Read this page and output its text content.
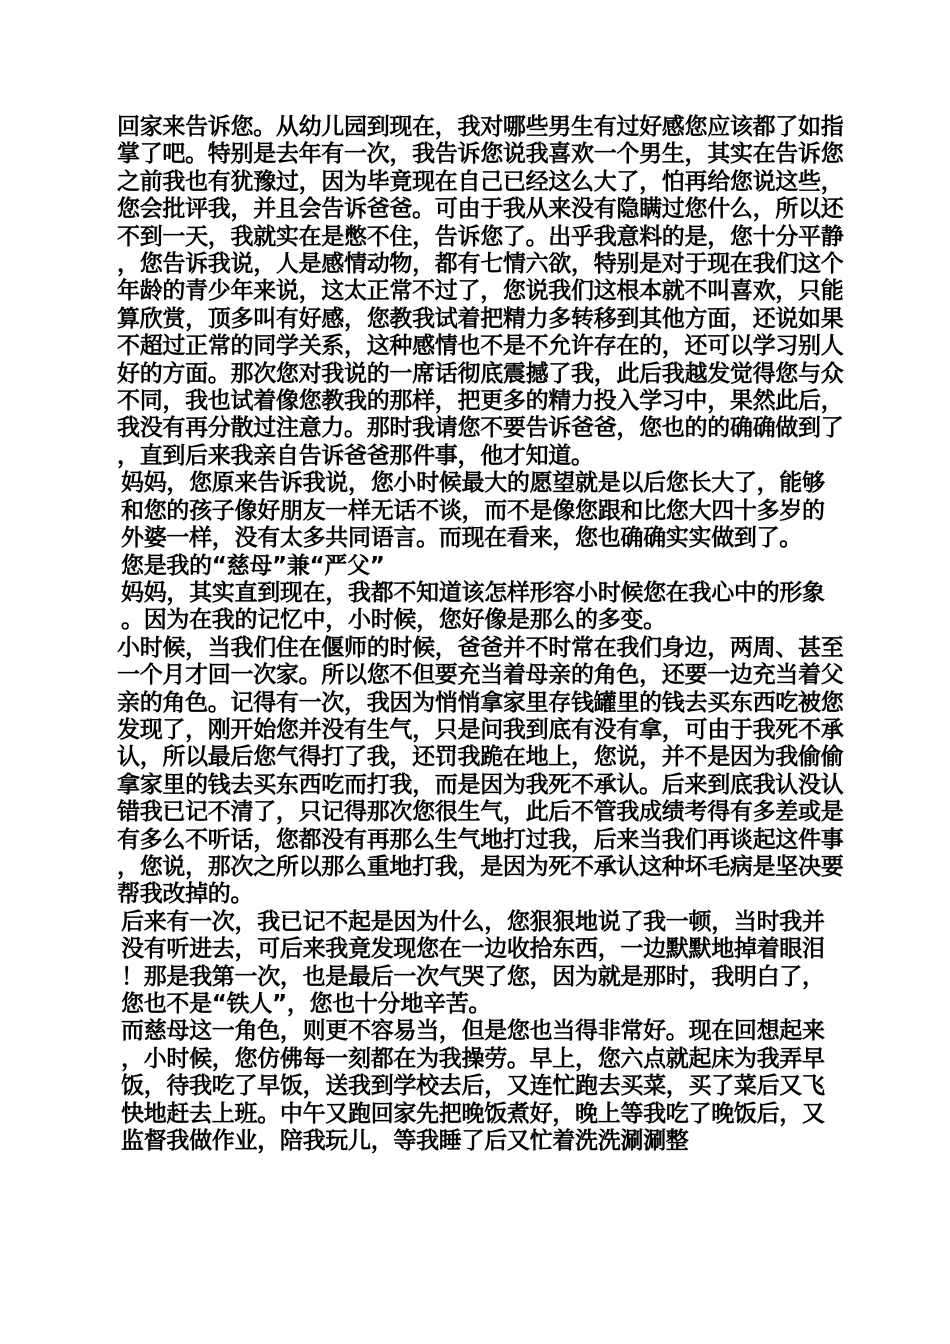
回家来告诉您。从幼儿园到现在，我对哪些男生有过好感您应该都了如指掌了吧。特别是去年有一次，我告诉您说我喜欢一个男生，其实在告诉您之前我也有犹豫过，因为毕竟现在自己已经这么大了，怕再给您说这些，您会批评我，并且会告诉爸爸。可由于我从来没有隐瞒过您什么，所以还不到一天，我就实在是憋不住，告诉您了。出乎我意料的是，您十分平静，您告诉我说，人是感情动物，都有七情六欲，特别是对于现在我们这个年龄的青少年来说，这太正常不过了，您说我们这根本就不叫喜欢，只能算欣赏，顶多叫有好感，您教我试着把精力多转移到其他方面，还说如果不超过正常的同学关系，这种感情也不是不允许存在的，还可以学习别人好的方面。那次您对我说的一席话彻底震撼了我，此后我越发觉得您与众不同，我也试着像您教我的那样，把更多的精力投入学习中，果然此后，我没有再分散过注意力。那时我请您不要告诉爸爸，您也的的确确做到了，直到后来我亲自告诉爸爸那件事，他才知道。

妈妈，您原来告诉我说，您小时候最大的愿望就是以后您长大了，能够和您的孩子像好朋友一样无话不谈，而不是像您跟和比您大四十多岁的外婆一样，没有太多共同语言。而现在看来，您也确确实实做到了。

您是我的“慈母”兼“严父”

妈妈，其实直到现在，我都不知道该怎样形容小时候您在我心中的形象。因为在我的记忆中，小时候，您好像是那么的多变。

小时候，当我们住在偃师的时候，爸爸并不时常在我们身边，两周、甚至一个月才回一次家。所以您不但要充当着母亲的角色，还要一边充当着父亲的角色。记得有一次，我因为悄悄拿家里存钱罐里的钱去买东西吃被您发现了，刚开始您并没有生气，只是问我到底有没有拿，可由于我死不承认，所以最后您气得打了我，还罚我跪在地上，您说，并不是因为我偷偷拿家里的钱去买东西吃而打我，而是因为我死不承认。后来到底我认没认错我已记不清了，只记得那次您很生气，此后不管我成绩考得有多差或是有多么不听话，您都没有再那么生气地打过我，后来当我们再谈起这件事，您说，那次之所以那么重地打我，是因为死不承认这种坏毛病是坚决要帮我改掉的。

后来有一次，我已记不起是因为什么，您狠狠地说了我一顿，当时我并没有听进去，可后来我竟发现您在一边收拾东西，一边默默地掉着眼泪！那是我第一次，也是最后一次气哭了您，因为就是那时，我明白了，您也不是“铁人”，您也十分地辛苦。

而慈母这一角色，则更不容易当，但是您也当得非常好。现在回想起来，小时候，您仿佛每一刻都在为我操劳。早上，您六点就起床为我弄早饭，待我吃了早饭，送我到学校去后，又连忙跑去买菜，买了菜后又飞快地赶去上班。中午又跑回家先把晚饭煮好，晚上等我吃了晚饭后，又监督我做作业，陪我玩儿，等我睡了后又忙着洗洗涮涮整
